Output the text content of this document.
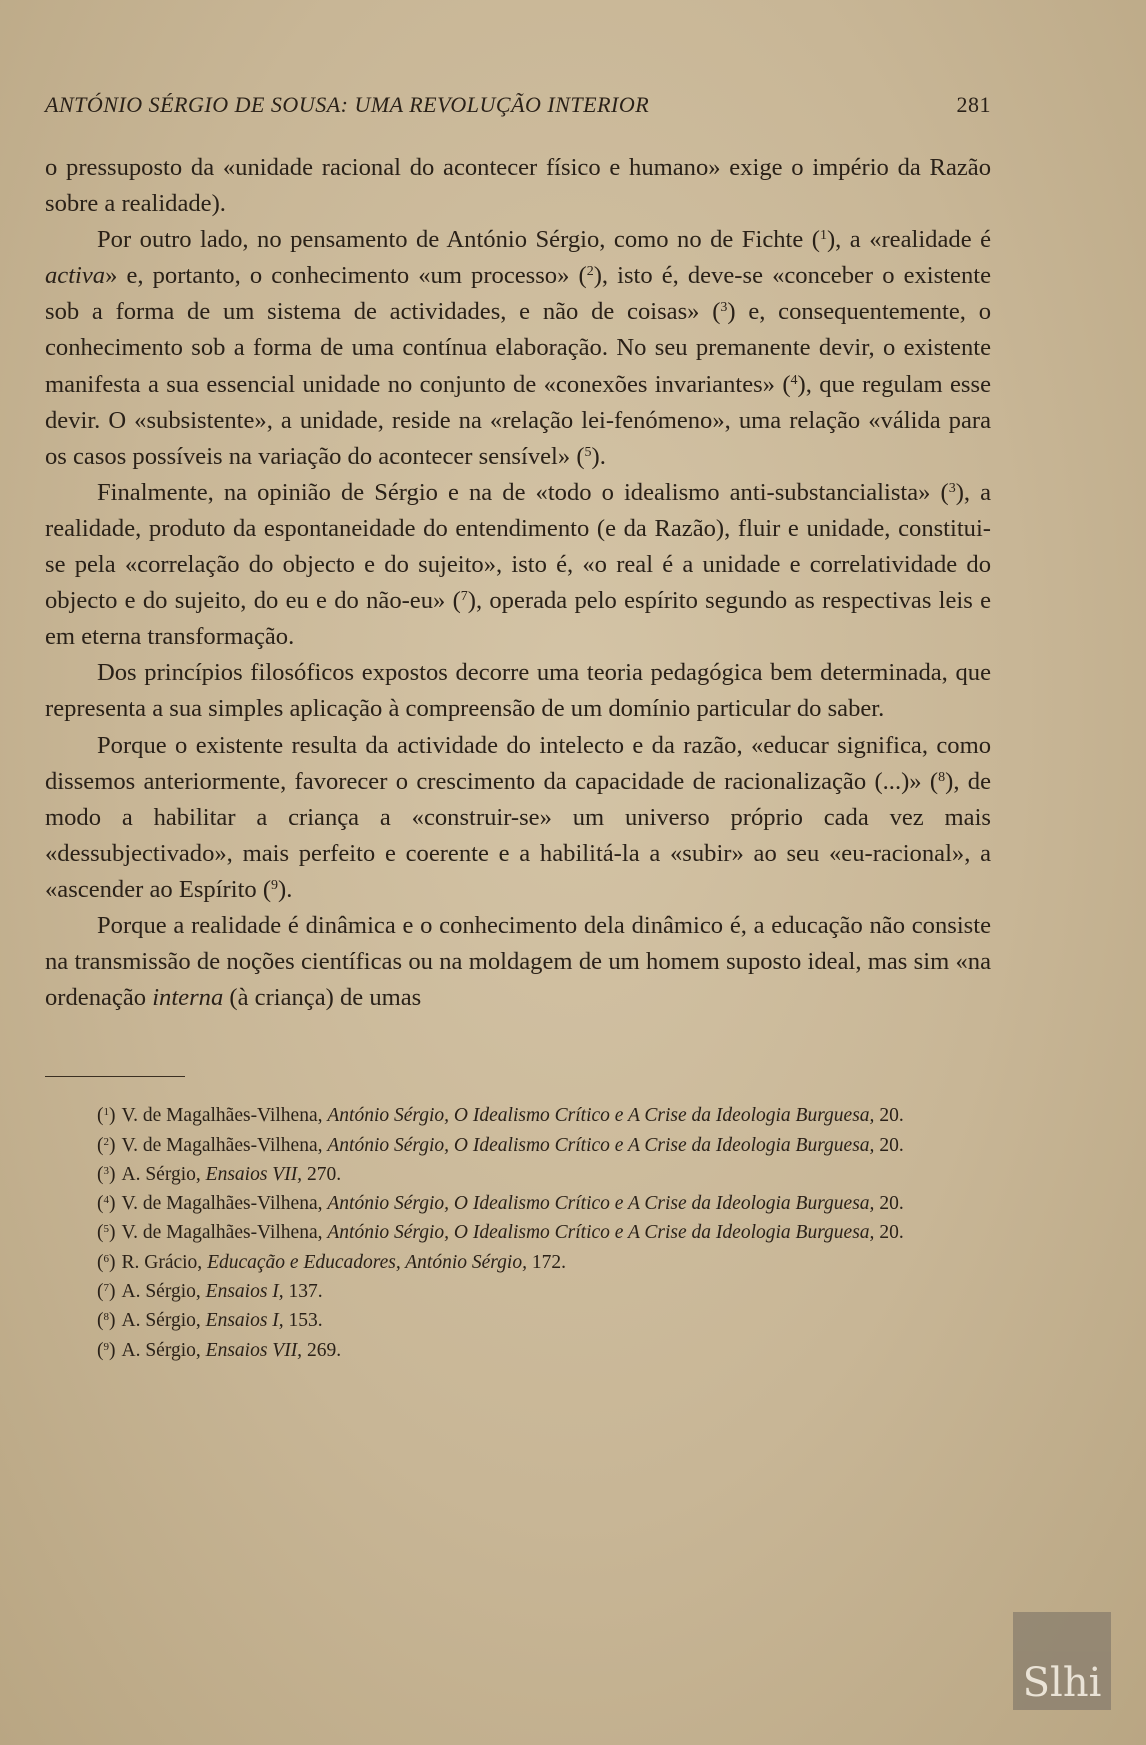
ANTÓNIO SÉRGIO DE SOUSA: UMA REVOLUÇÃO INTERIOR	281

o pressuposto da «unidade racional do acontecer físico e humano» exige o império da Razão sobre a realidade).

Por outro lado, no pensamento de António Sérgio, como no de Fichte ($^1$), a «realidade é activa» e, portanto, o conhecimento «um processo» ($^2$), isto é, deve-se «conceber o existente sob a forma de um sistema de actividades, e não de coisas» ($^3$) e, consequentemente, o conhecimento sob a forma de uma contínua elaboração. No seu premanente devir, o existente manifesta a sua essencial unidade no conjunto de «conexões invariantes» ($^4$), que regulam esse devir. O «subsistente», a unidade, reside na «relação lei-fenómeno», uma relação «válida para os casos possíveis na variação do acontecer sensível» ($^5$).

Finalmente, na opinião de Sérgio e na de «todo o idealismo anti-substancialista» ($^3$), a realidade, produto da espontaneidade do entendimento (e da Razão), fluir e unidade, constitui-se pela «correlação do objecto e do sujeito», isto é, «o real é a unidade e correlatividade do objecto e do sujeito, do eu e do não-eu» ($^7$), operada pelo espírito segundo as respectivas leis e em eterna transformação.

Dos princípios filosóficos expostos decorre uma teoria pedagógica bem determinada, que representa a sua simples aplicação à compreensão de um domínio particular do saber.

Porque o existente resulta da actividade do intelecto e da razão, «educar significa, como dissemos anteriormente, favorecer o crescimento da capacidade de racionalização (...)» ($^8$), de modo a habilitar a criança a «construir-se» um universo próprio cada vez mais «dessubjectivado», mais perfeito e coerente e a habilitá-la a «subir» ao seu «eu-racional», a «ascender ao Espírito ($^9$).

Porque a realidade é dinâmica e o conhecimento dela dinâmico é, a educação não consiste na transmissão de noções científicas ou na moldagem de um homem suposto ideal, mas sim «na ordenação interna (à criança) de umas

($^1$) V. de Magalhães-Vilhena, António Sérgio, O Idealismo Crítico e A Crise da Ideologia Burguesa, 20.

($^2$) V. de Magalhães-Vilhena, António Sérgio, O Idealismo Crítico e A Crise da Ideologia Burguesa, 20.

($^3$) A. Sérgio, Ensaios VII, 270.

($^4$) V. de Magalhães-Vilhena, António Sérgio, O Idealismo Crítico e A Crise da Ideologia Burguesa, 20.

($^5$) V. de Magalhães-Vilhena, António Sérgio, O Idealismo Crítico e A Crise da Ideologia Burguesa, 20.

($^6$) R. Grácio, Educação e Educadores, António Sérgio, 172.

($^7$) A. Sérgio, Ensaios I, 137.

($^8$) A. Sérgio, Ensaios I, 153.

($^9$) A. Sérgio, Ensaios VII, 269.

Slhi
